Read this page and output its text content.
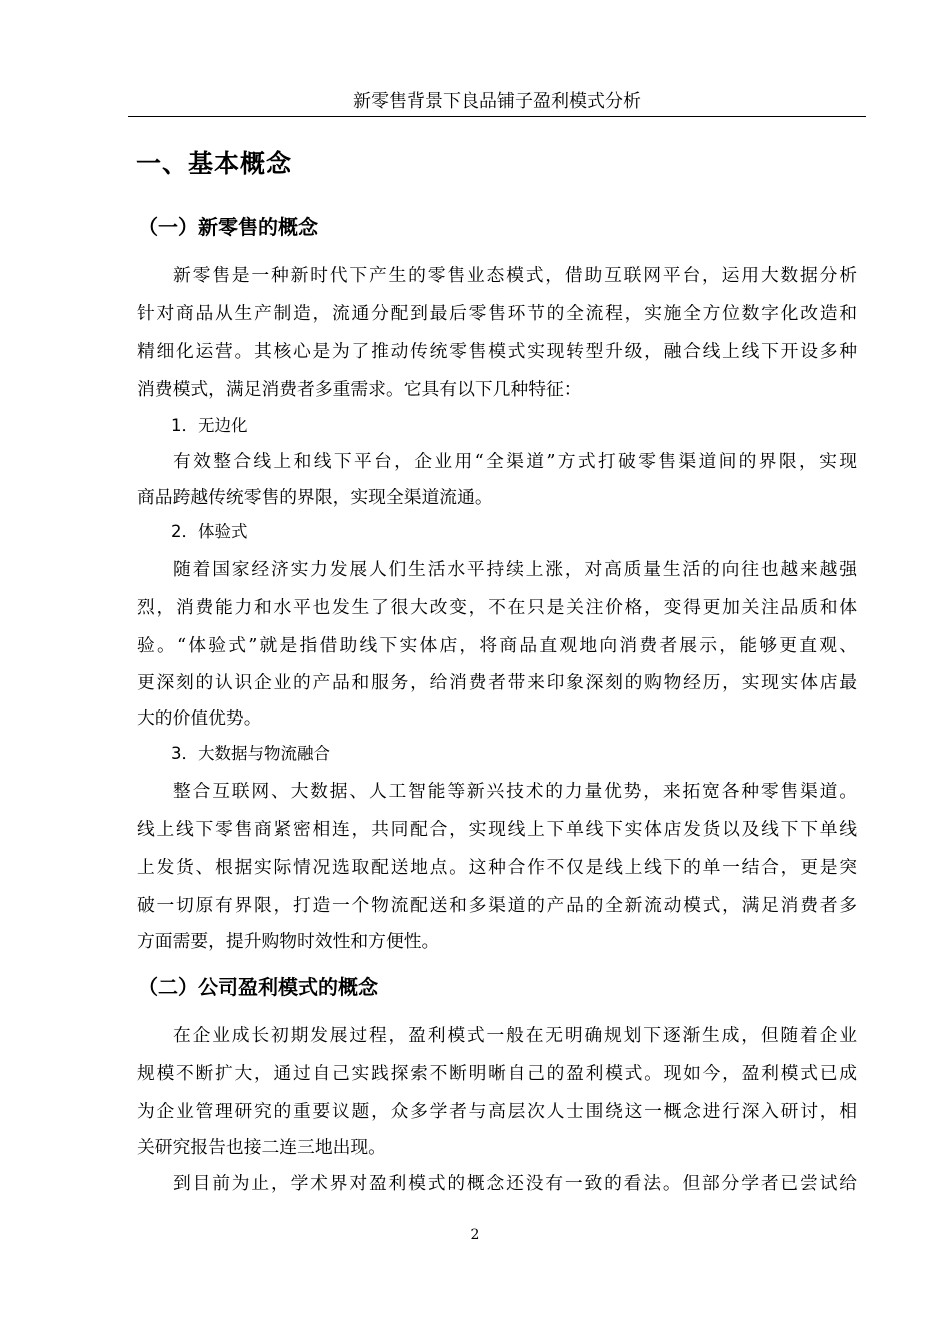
新零售背景下良品铺子盈利模式分析
一、基本概念
（一）新零售的概念
新零售是一种新时代下产生的零售业态模式，借助互联网平台，运用大数据分析
针对商品从生产制造，流通分配到最后零售环节的全流程，实施全方位数字化改造和
精细化运营。其核心是为了推动传统零售模式实现转型升级，融合线上线下开设多种
消费模式，满足消费者多重需求。它具有以下几种特征：
1．无边化
有效整合线上和线下平台，企业用“全渠道”方式打破零售渠道间的界限，实现
商品跨越传统零售的界限，实现全渠道流通。
2．体验式
随着国家经济实力发展人们生活水平持续上涨，对高质量生活的向往也越来越强
烈，消费能力和水平也发生了很大改变，不在只是关注价格，变得更加关注品质和体
验。“体验式”就是指借助线下实体店，将商品直观地向消费者展示，能够更直观、
更深刻的认识企业的产品和服务，给消费者带来印象深刻的购物经历，实现实体店最
大的价值优势。
3．大数据与物流融合
整合互联网、大数据、人工智能等新兴技术的力量优势，来拓宽各种零售渠道。
线上线下零售商紧密相连，共同配合，实现线上下单线下实体店发货以及线下下单线
上发货、根据实际情况选取配送地点。这种合作不仅是线上线下的单一结合，更是突
破一切原有界限，打造一个物流配送和多渠道的产品的全新流动模式，满足消费者多
方面需要，提升购物时效性和方便性。
（二）公司盈利模式的概念
在企业成长初期发展过程，盈利模式一般在无明确规划下逐渐生成，但随着企业
规模不断扩大，通过自己实践探索不断明晰自己的盈利模式。现如今，盈利模式已成
为企业管理研究的重要议题，众多学者与高层次人士围绕这一概念进行深入研讨，相
关研究报告也接二连三地出现。
到目前为止，学术界对盈利模式的概念还没有一致的看法。但部分学者已尝试给
2
